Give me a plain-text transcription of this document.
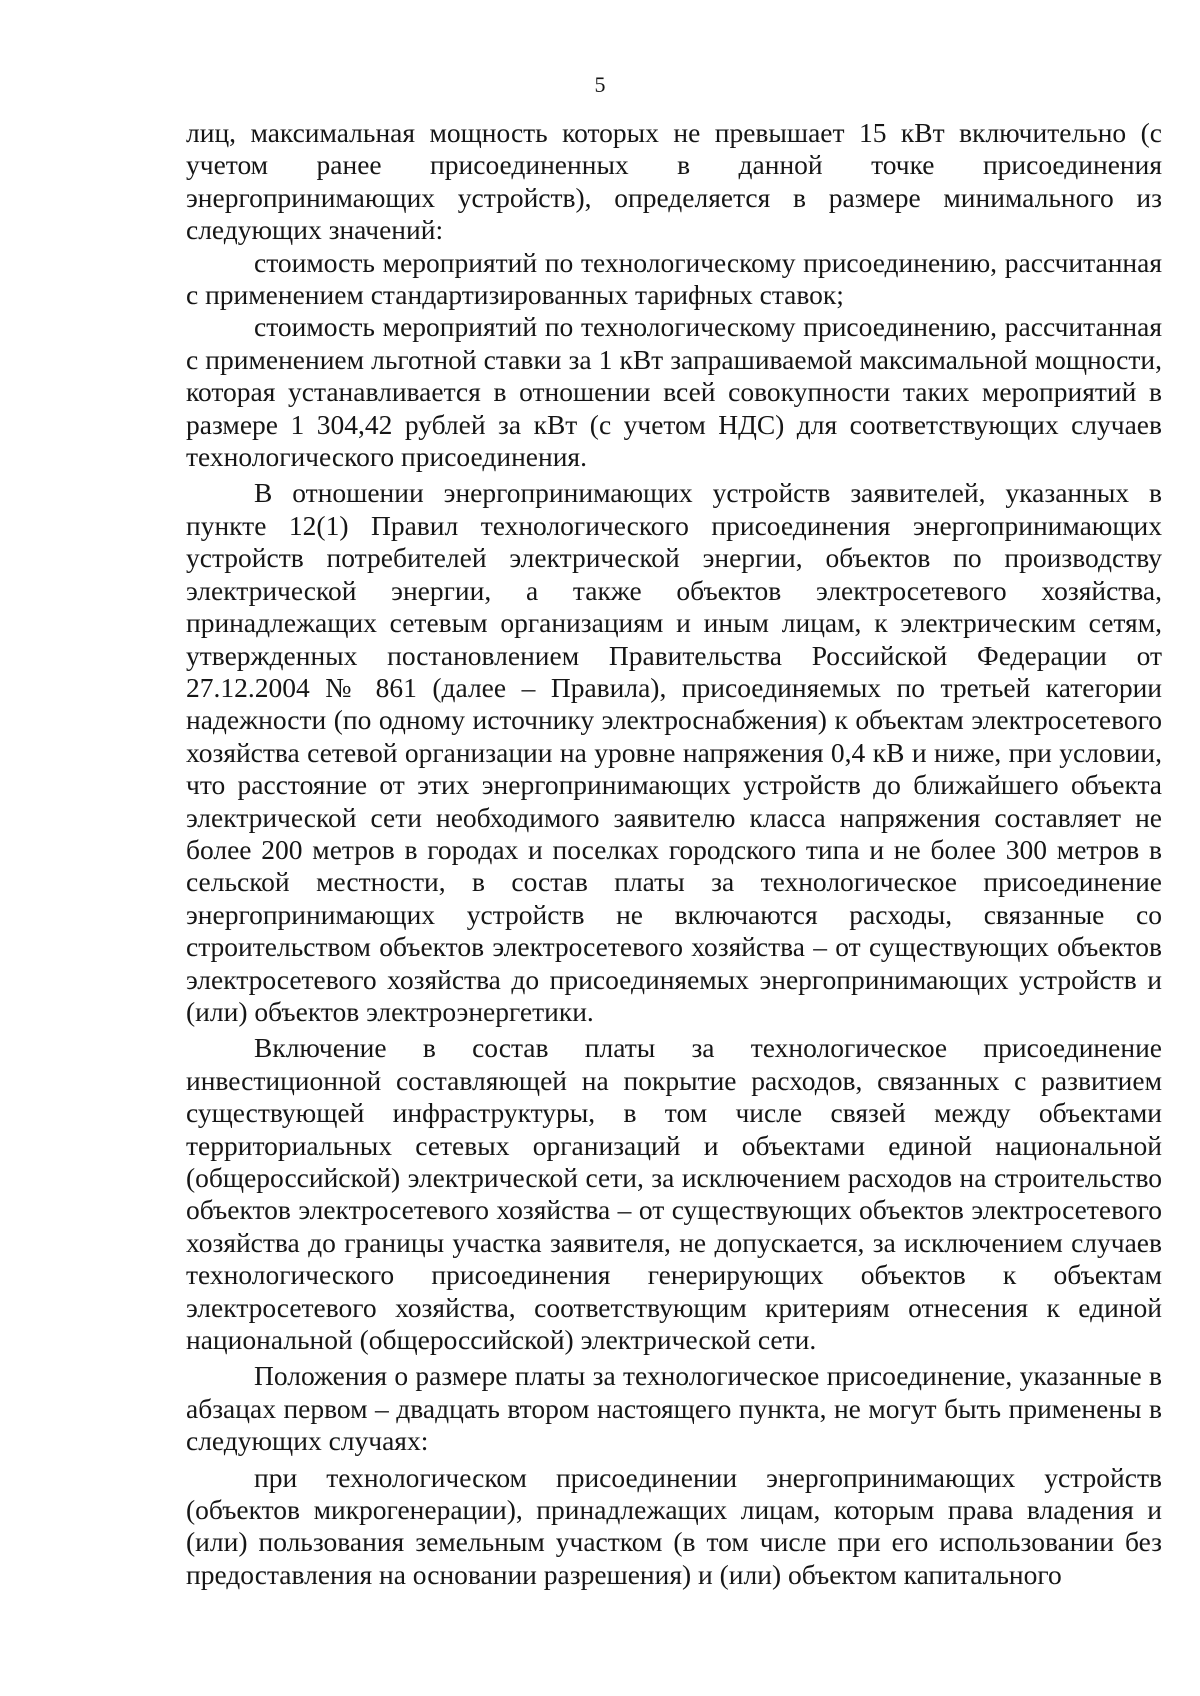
5

лиц, максимальная мощность которых не превышает 15 кВт включительно (с учетом ранее присоединенных в данной точке присоединения энергопринимающих устройств), определяется в размере минимального из следующих значений:

стоимость мероприятий по технологическому присоединению, рассчитанная с применением стандартизированных тарифных ставок;

стоимость мероприятий по технологическому присоединению, рассчитанная с применением льготной ставки за 1 кВт запрашиваемой максимальной мощности, которая устанавливается в отношении всей совокупности таких мероприятий в размере 1 304,42 рублей за кВт (с учетом НДС) для соответствующих случаев технологического присоединения.

В отношении энергопринимающих устройств заявителей, указанных в пункте 12(1) Правил технологического присоединения энергопринимающих устройств потребителей электрической энергии, объектов по производству электрической энергии, а также объектов электросетевого хозяйства, принадлежащих сетевым организациям и иным лицам, к электрическим сетям, утвержденных постановлением Правительства Российской Федерации от 27.12.2004 № 861 (далее – Правила), присоединяемых по третьей категории надежности (по одному источнику электроснабжения) к объектам электросетевого хозяйства сетевой организации на уровне напряжения 0,4 кВ и ниже, при условии, что расстояние от этих энергопринимающих устройств до ближайшего объекта электрической сети необходимого заявителю класса напряжения составляет не более 200 метров в городах и поселках городского типа и не более 300 метров в сельской местности, в состав платы за технологическое присоединение энергопринимающих устройств не включаются расходы, связанные со строительством объектов электросетевого хозяйства – от существующих объектов электросетевого хозяйства до присоединяемых энергопринимающих устройств и (или) объектов электроэнергетики.

Включение в состав платы за технологическое присоединение инвестиционной составляющей на покрытие расходов, связанных с развитием существующей инфраструктуры, в том числе связей между объектами территориальных сетевых организаций и объектами единой национальной (общероссийской) электрической сети, за исключением расходов на строительство объектов электросетевого хозяйства – от существующих объектов электросетевого хозяйства до границы участка заявителя, не допускается, за исключением случаев технологического присоединения генерирующих объектов к объектам электросетевого хозяйства, соответствующим критериям отнесения к единой национальной (общероссийской) электрической сети.

Положения о размере платы за технологическое присоединение, указанные в абзацах первом – двадцать втором настоящего пункта, не могут быть применены в следующих случаях:

при технологическом присоединении энергопринимающих устройств (объектов микрогенерации), принадлежащих лицам, которым права владения и (или) пользования земельным участком (в том числе при его использовании без предоставления на основании разрешения) и (или) объектом капитального
